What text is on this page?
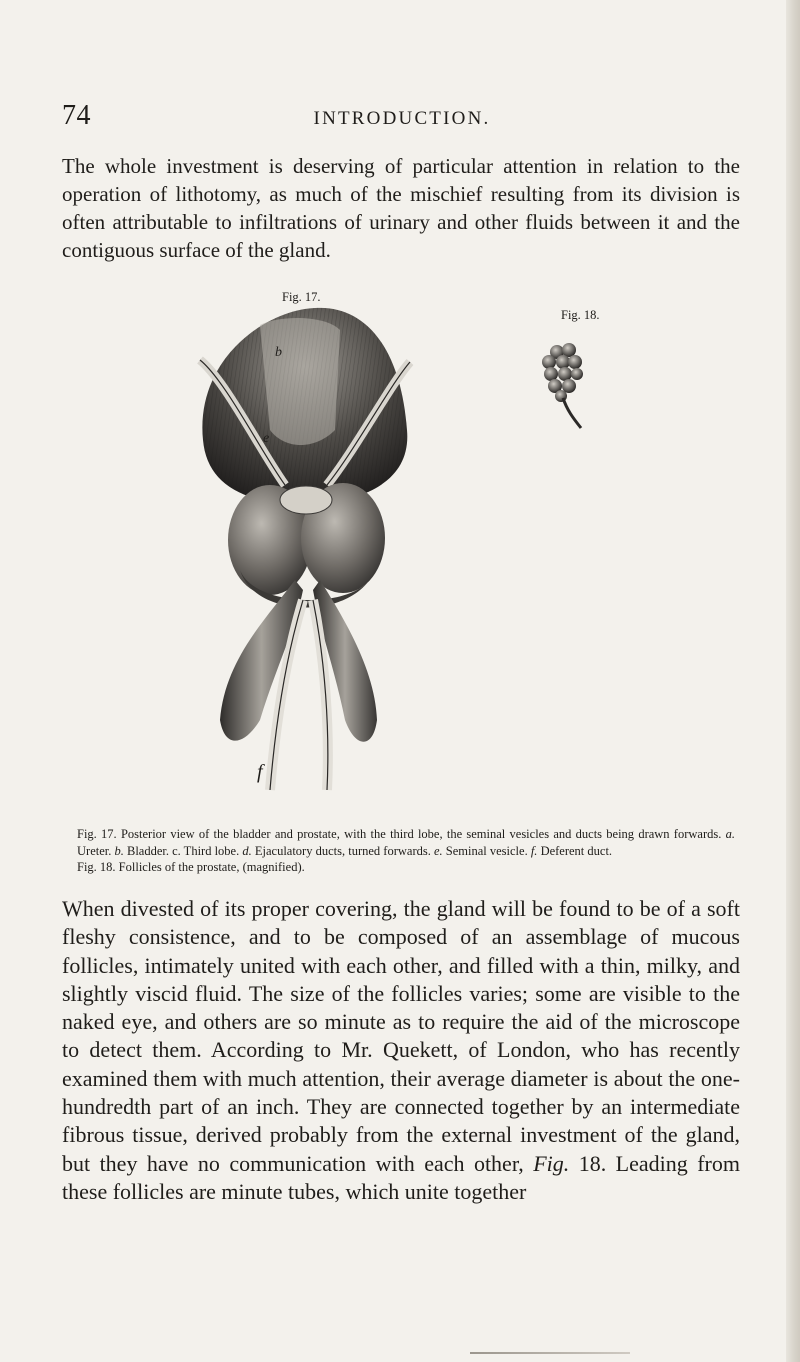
74	INTRODUCTION.

The whole investment is deserving of particular attention in relation to the operation of lithotomy, as much of the mischief resulting from its division is often attributable to infiltrations of urinary and other fluids between it and the contiguous surface of the gland.

Fig. 17.
Fig. 18.
f
b
e
Fig. 17. Posterior view of the bladder and prostate, with the third lobe, the seminal vesicles and ducts being drawn forwards. a. Ureter. b. Bladder. c. Third lobe. d. Ejaculatory ducts, turned forwards. e. Seminal vesicle. f. Deferent duct.
Fig. 18. Follicles of the prostate, (magnified).

When divested of its proper covering, the gland will be found to be of a soft fleshy consistence, and to be composed of an assemblage of mucous follicles, intimately united with each other, and filled with a thin, milky, and slightly viscid fluid. The size of the follicles varies; some are visible to the naked eye, and others are so minute as to require the aid of the microscope to detect them. According to Mr. Quekett, of London, who has recently examined them with much attention, their average diameter is about the one-hundredth part of an inch. They are connected together by an intermediate fibrous tissue, derived probably from the external investment of the gland, but they have no communication with each other, Fig. 18. Leading from these follicles are minute tubes, which unite together
